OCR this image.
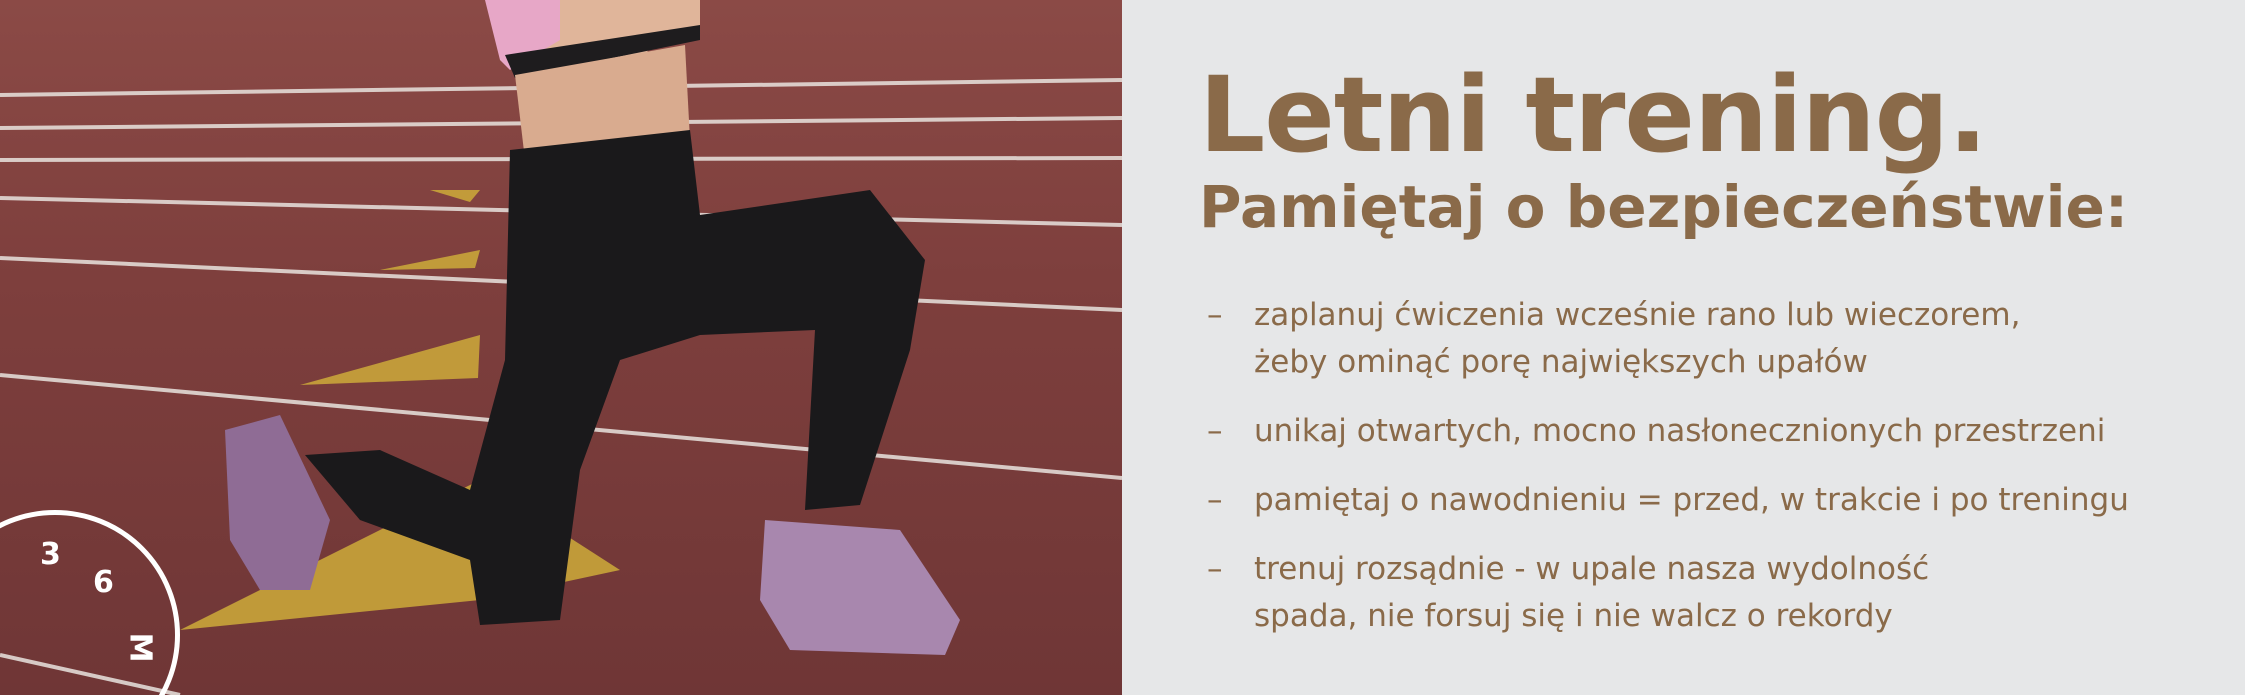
3
6
M
Letni trening.
Pamiętaj o bezpieczeństwie:
–	zaplanuj ćwiczenia wcześnie rano lub wieczorem,
żeby ominąć porę największych upałów
–	unikaj otwartych, mocno nasłonecznionych przestrzeni
–	pamiętaj o nawodnieniu = przed, w trakcie i po treningu
–	trenuj rozsądnie - w upale nasza wydolność
spada, nie forsuj się i nie walcz o rekordy
